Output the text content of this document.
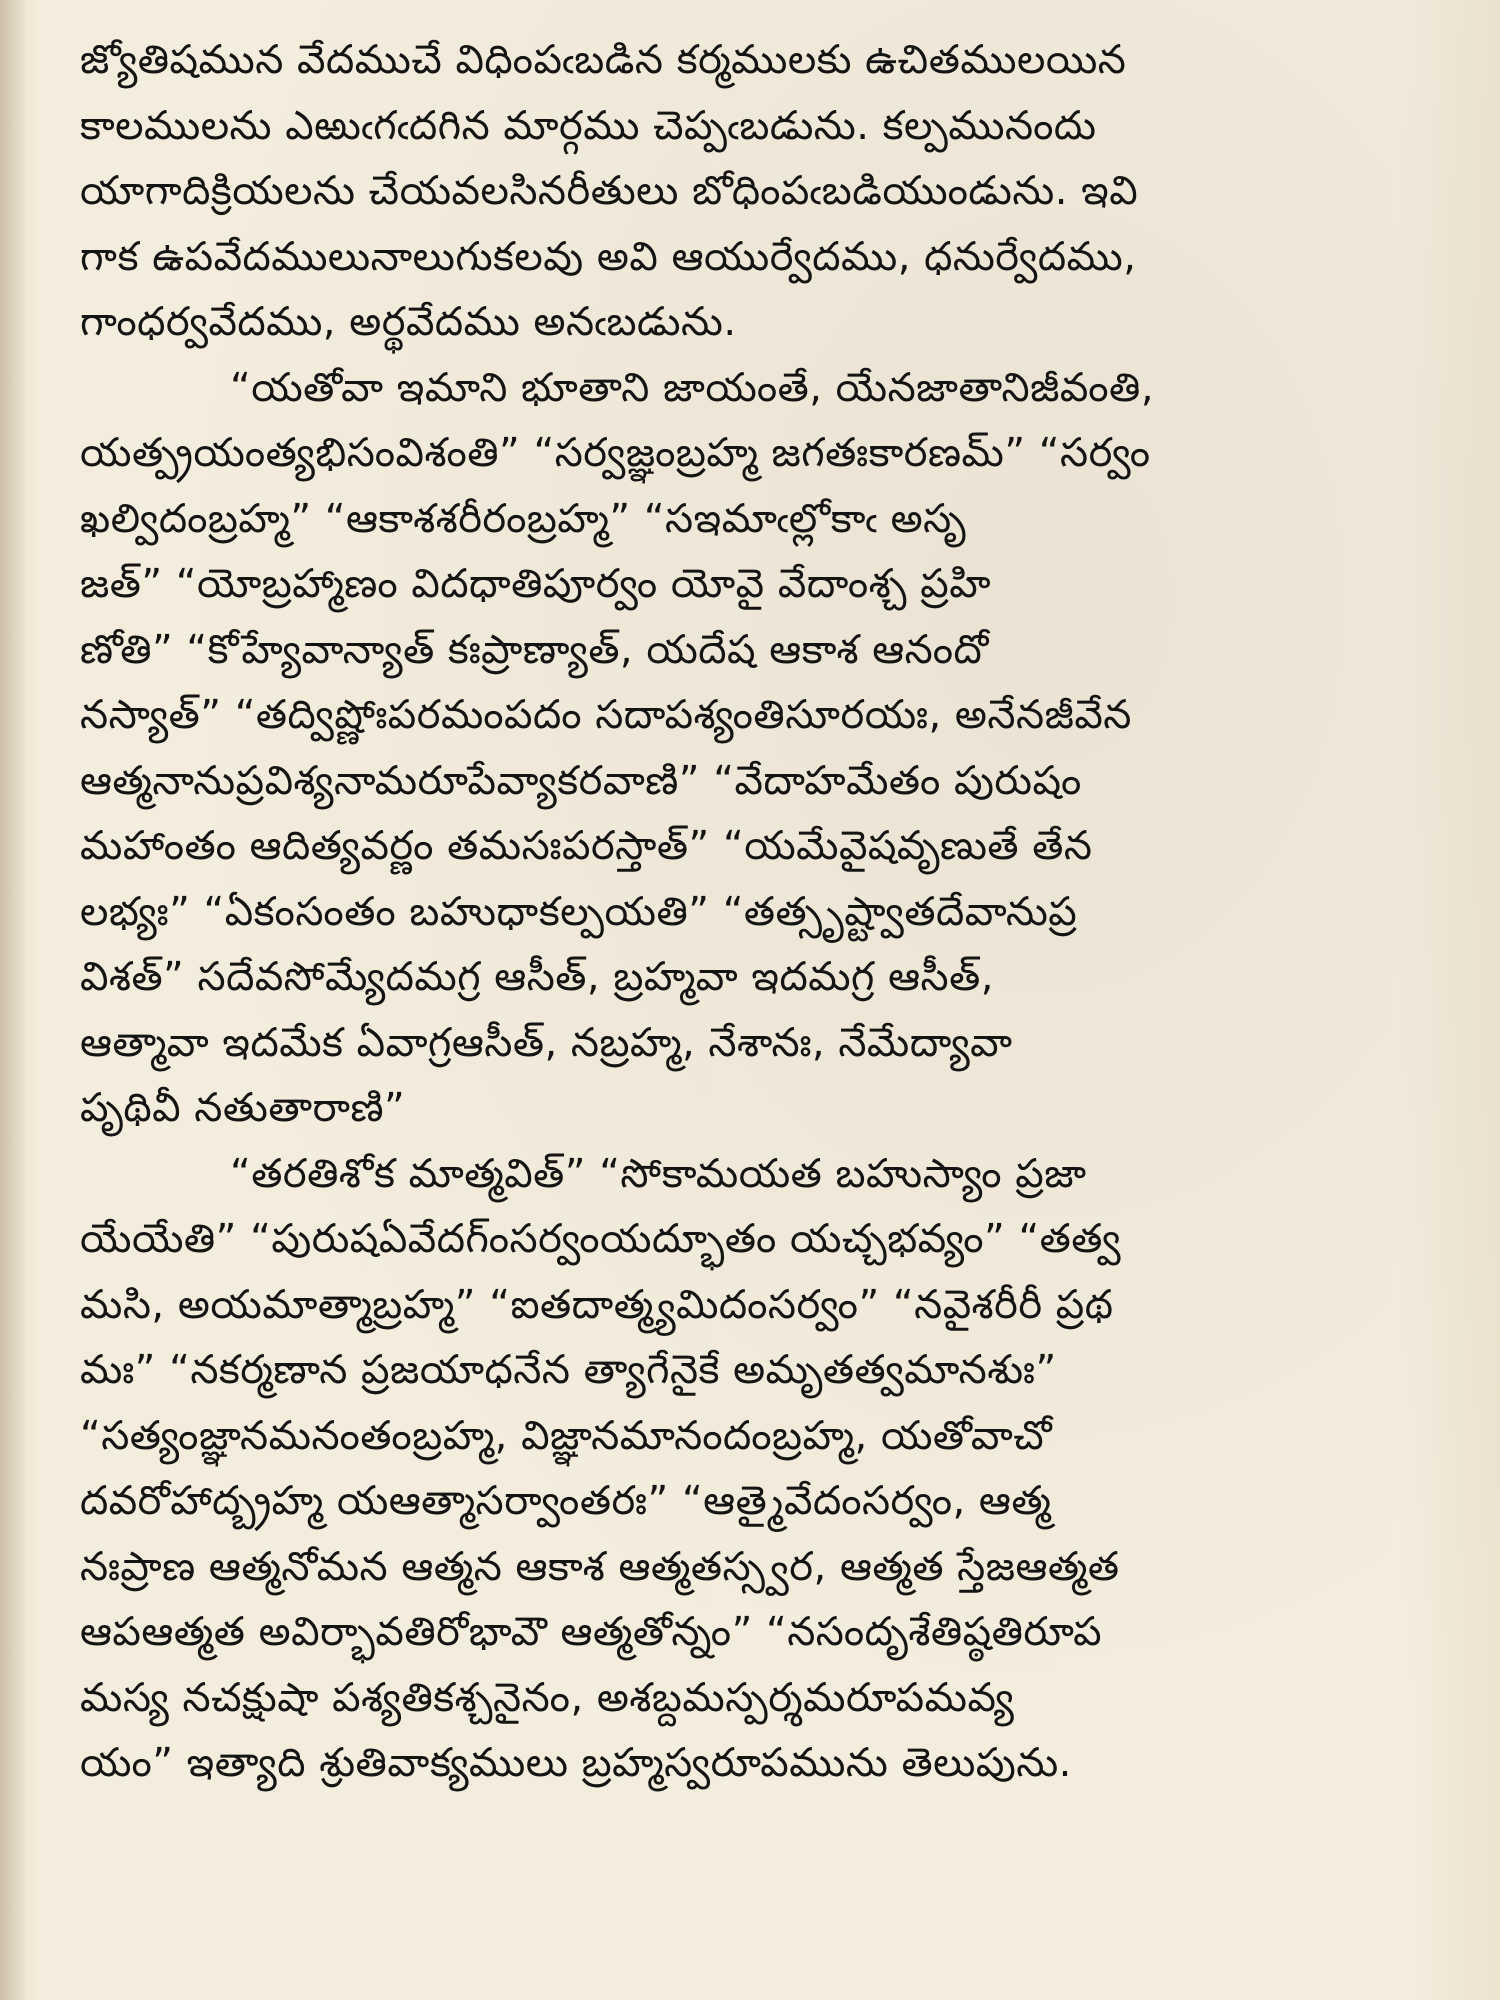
జ్యోతిషమున వేదముచే విధింపఁబడిన కర్మములకు ఉచితములయిన
కాలములను ఎఱుఁగఁదగిన మార్గము చెప్పఁబడును. కల్పమునందు
యాగాదిక్రియలను చేయవలసినరీతులు బోధింపఁబడియుండును. ఇవి
గాక ఉపవేదములునాలుగుకలవు అవి ఆయుర్వేదము, ధనుర్వేదము,
గాంధర్వవేదము, అర్థవేదము అనఁబడును.
“యతోవా ఇమాని భూతాని జాయంతే, యేనజాతానిజీవంతి,
యత్ప్రయంత్యభిసంవిశంతి” “సర్వజ్ఞంబ్రహ్మ జగతఃకారణమ్” “సర్వం
ఖల్విదంబ్రహ్మ” “ఆకాశశరీరంబ్రహ్మ” “సఇమాఁల్లోకాఁ అసృ
జత్” “యోబ్రహ్మాణం విదధాతిపూర్వం యోవై వేదాంశ్చ ప్రహి
ణోతి” “కోహ్యేవాన్యాత్ కఃప్రాణ్యాత్, యదేష ఆకాశ ఆనందో
నస్యాత్” “తద్విష్ణోఃపరమంపదం సదాపశ్యంతిసూరయః, అనేనజీవేన
ఆత్మనానుప్రవిశ్యనామరూపేవ్యాకరవాణి” “వేదాహమేతం పురుషం
మహాంతం ఆదిత్యవర్ణం తమసఃపరస్తాత్” “యమేవైషవృణుతే తేన
లభ్యః” “ఏకంసంతం బహుధాకల్పయతి” “తత్సృష్ట్వాతదేవానుప్ర
విశత్” సదేవసోమ్యేదమగ్ర ఆసీత్, బ్రహ్మవా ఇదమగ్ర ఆసీత్,
ఆత్మావా ఇదమేక ఏవాగ్రఆసీత్, నబ్రహ్మ, నేశానః, నేమేద్యావా
పృథివీ నతుతారాణి”
“తరతిశోక మాత్మవిత్” “సోకామయత బహుస్యాం ప్రజా
యేయేతి” “పురుషఏవేదగ్ంసర్వంయద్భూతం యచ్చభవ్యం” “తత్వ
మసి, అయమాత్మాబ్రహ్మ” “ఐతదాత్మ్యమిదంసర్వం” “నవైశరీరీ ప్రథ
మః” “నకర్మణాన ప్రజయాధనేన త్యాగేనైకే అమృతత్వమానశుః”
“సత్యంజ్ఞానమనంతంబ్రహ్మ, విజ్ఞానమానందంబ్రహ్మ, యతోవాచో
దవరోహాద్బ్రహ్మ యఆత్మాసర్వాంతరః” “ఆత్మైవేదంసర్వం, ఆత్మ
నఃప్రాణ ఆత్మనోమన ఆత్మన ఆకాశ ఆత్మతస్స్వర, ఆత్మత స్తేజఆత్మత
ఆపఆత్మత అవిర్భావతిరోభావౌ ఆత్మతోన్నం” “నసందృశేతిష్ఠతిరూప
మస్య నచక్షుషా పశ్యతికశ్చనైనం, అశబ్దమస్పర్శమరూపమవ్య
యం” ఇత్యాది శ్రుతివాక్యములు బ్రహ్మస్వరూపమును తెలుపును.
